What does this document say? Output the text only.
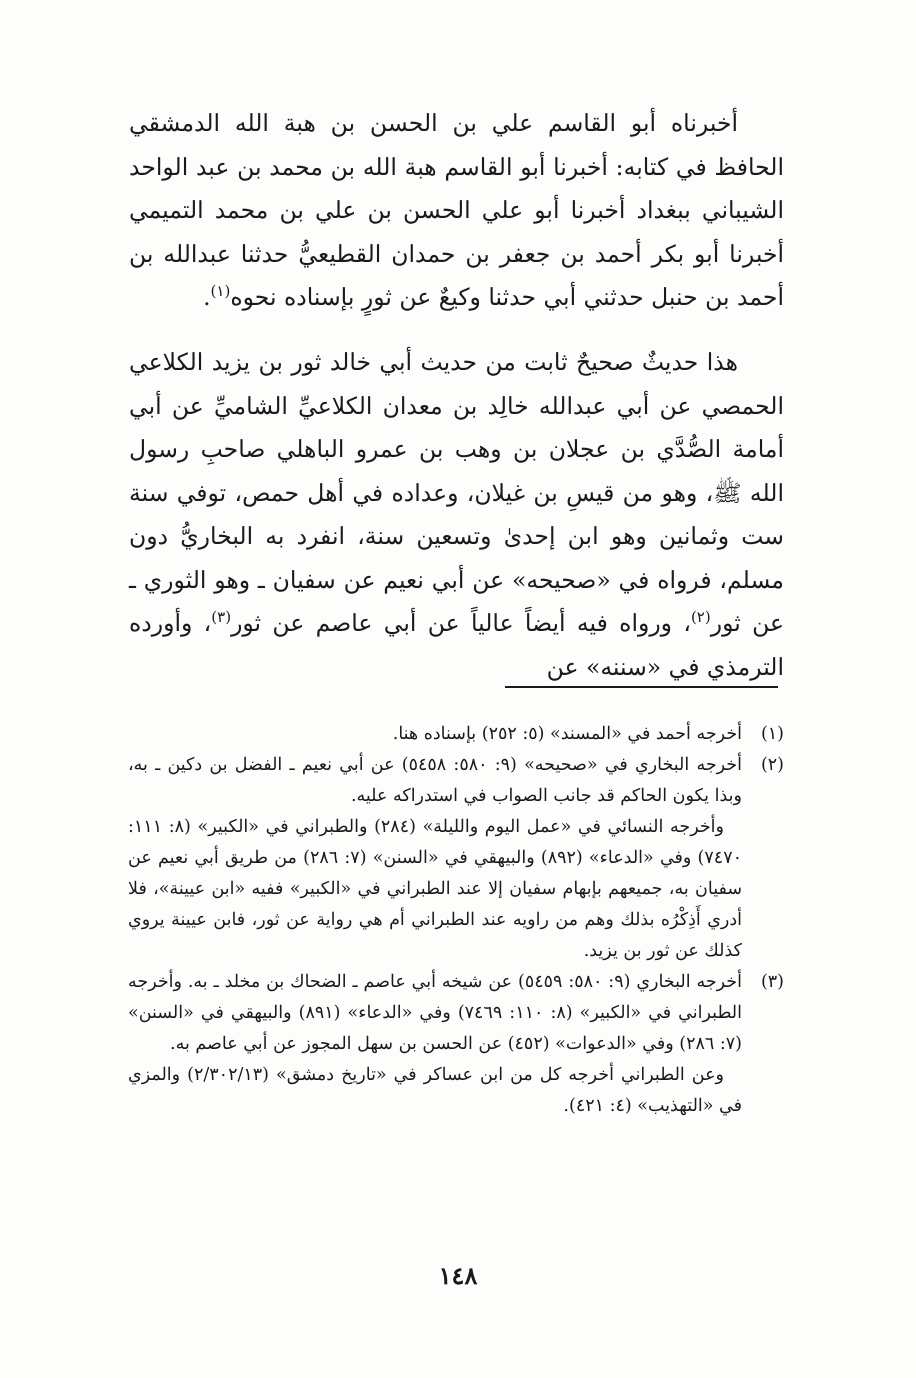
أخبرناه أبو القاسم علي بن الحسن بن هبة الله الدمشقي الحافظ في كتابه: أخبرنا أبو القاسم هبة الله بن محمد بن عبد الواحد الشيباني ببغداد أخبرنا أبو علي الحسن بن علي بن محمد التميمي أخبرنا أبو بكر أحمد بن جعفر بن حمدان القطيعيُّ حدثنا عبدالله بن أحمد بن حنبل حدثني أبي حدثنا وكيعٌ عن ثورٍ بإسناده نحوه$^{(١)}$.

هذا حديثٌ صحيحٌ ثابت من حديث أبي خالد ثور بن يزيد الكلاعي الحمصي عن أبي عبدالله خالِد بن معدان الكلاعيِّ الشاميِّ عن أبي أمامة الصُّدَّي بن عجلان بن وهب بن عمرو الباهلي صاحبِ رسول الله ﷺ، وهو من قيسِ بن غيلان، وعداده في أهل حمص، توفي سنة ست وثمانين وهو ابن إحدىٰ وتسعين سنة، انفرد به البخاريُّ دون مسلم، فرواه في «صحيحه» عن أبي نعيم عن سفيان ـ وهو الثوري ـ عن ثور$^{(٢)}$، ورواه فيه أيضاً عالياً عن أبي عاصم عن ثور$^{(٣)}$، وأورده الترمذي في «سننه» عن

(١)

أخرجه أحمد في «المسند» (٥: ٢٥٢) بإسناده هنا.

(٢)

أخرجه البخاري في «صحيحه» (٩: ٥٨٠: ٥٤٥٨) عن أبي نعيم ـ الفضل بن دكين ـ به، وبذا يكون الحاكم قد جانب الصواب في استدراكه عليه.

وأخرجه النسائي في «عمل اليوم والليلة» (٢٨٤) والطبراني في «الكبير» (٨: ١١١: ٧٤٧٠) وفي «الدعاء» (٨٩٢) والبيهقي في «السنن» (٧: ٢٨٦) من طريق أبي نعيم عن سفيان به، جميعهم بإبهام سفيان إلا عند الطبراني في «الكبير» ففيه «ابن عيينة»، فلا أدري أَذِكْرُه بذلك وهم من راويه عند الطبراني أم هي رواية عن ثور، فابن عيينة يروي كذلك عن ثور بن يزيد.

(٣)

أخرجه البخاري (٩: ٥٨٠: ٥٤٥٩) عن شيخه أبي عاصم ـ الضحاك بن مخلد ـ به. وأخرجه الطبراني في «الكبير» (٨: ١١٠: ٧٤٦٩) وفي «الدعاء» (٨٩١) والبيهقي في «السنن» (٧: ٢٨٦) وفي «الدعوات» (٤٥٢) عن الحسن بن سهل المجوز عن أبي عاصم به.

وعن الطبراني أخرجه كل من ابن عساكر في «تاريخ دمشق» (٢/٣٠٢/١٣) والمزي في «التهذيب» (٤: ٤٢١).

١٤٨
